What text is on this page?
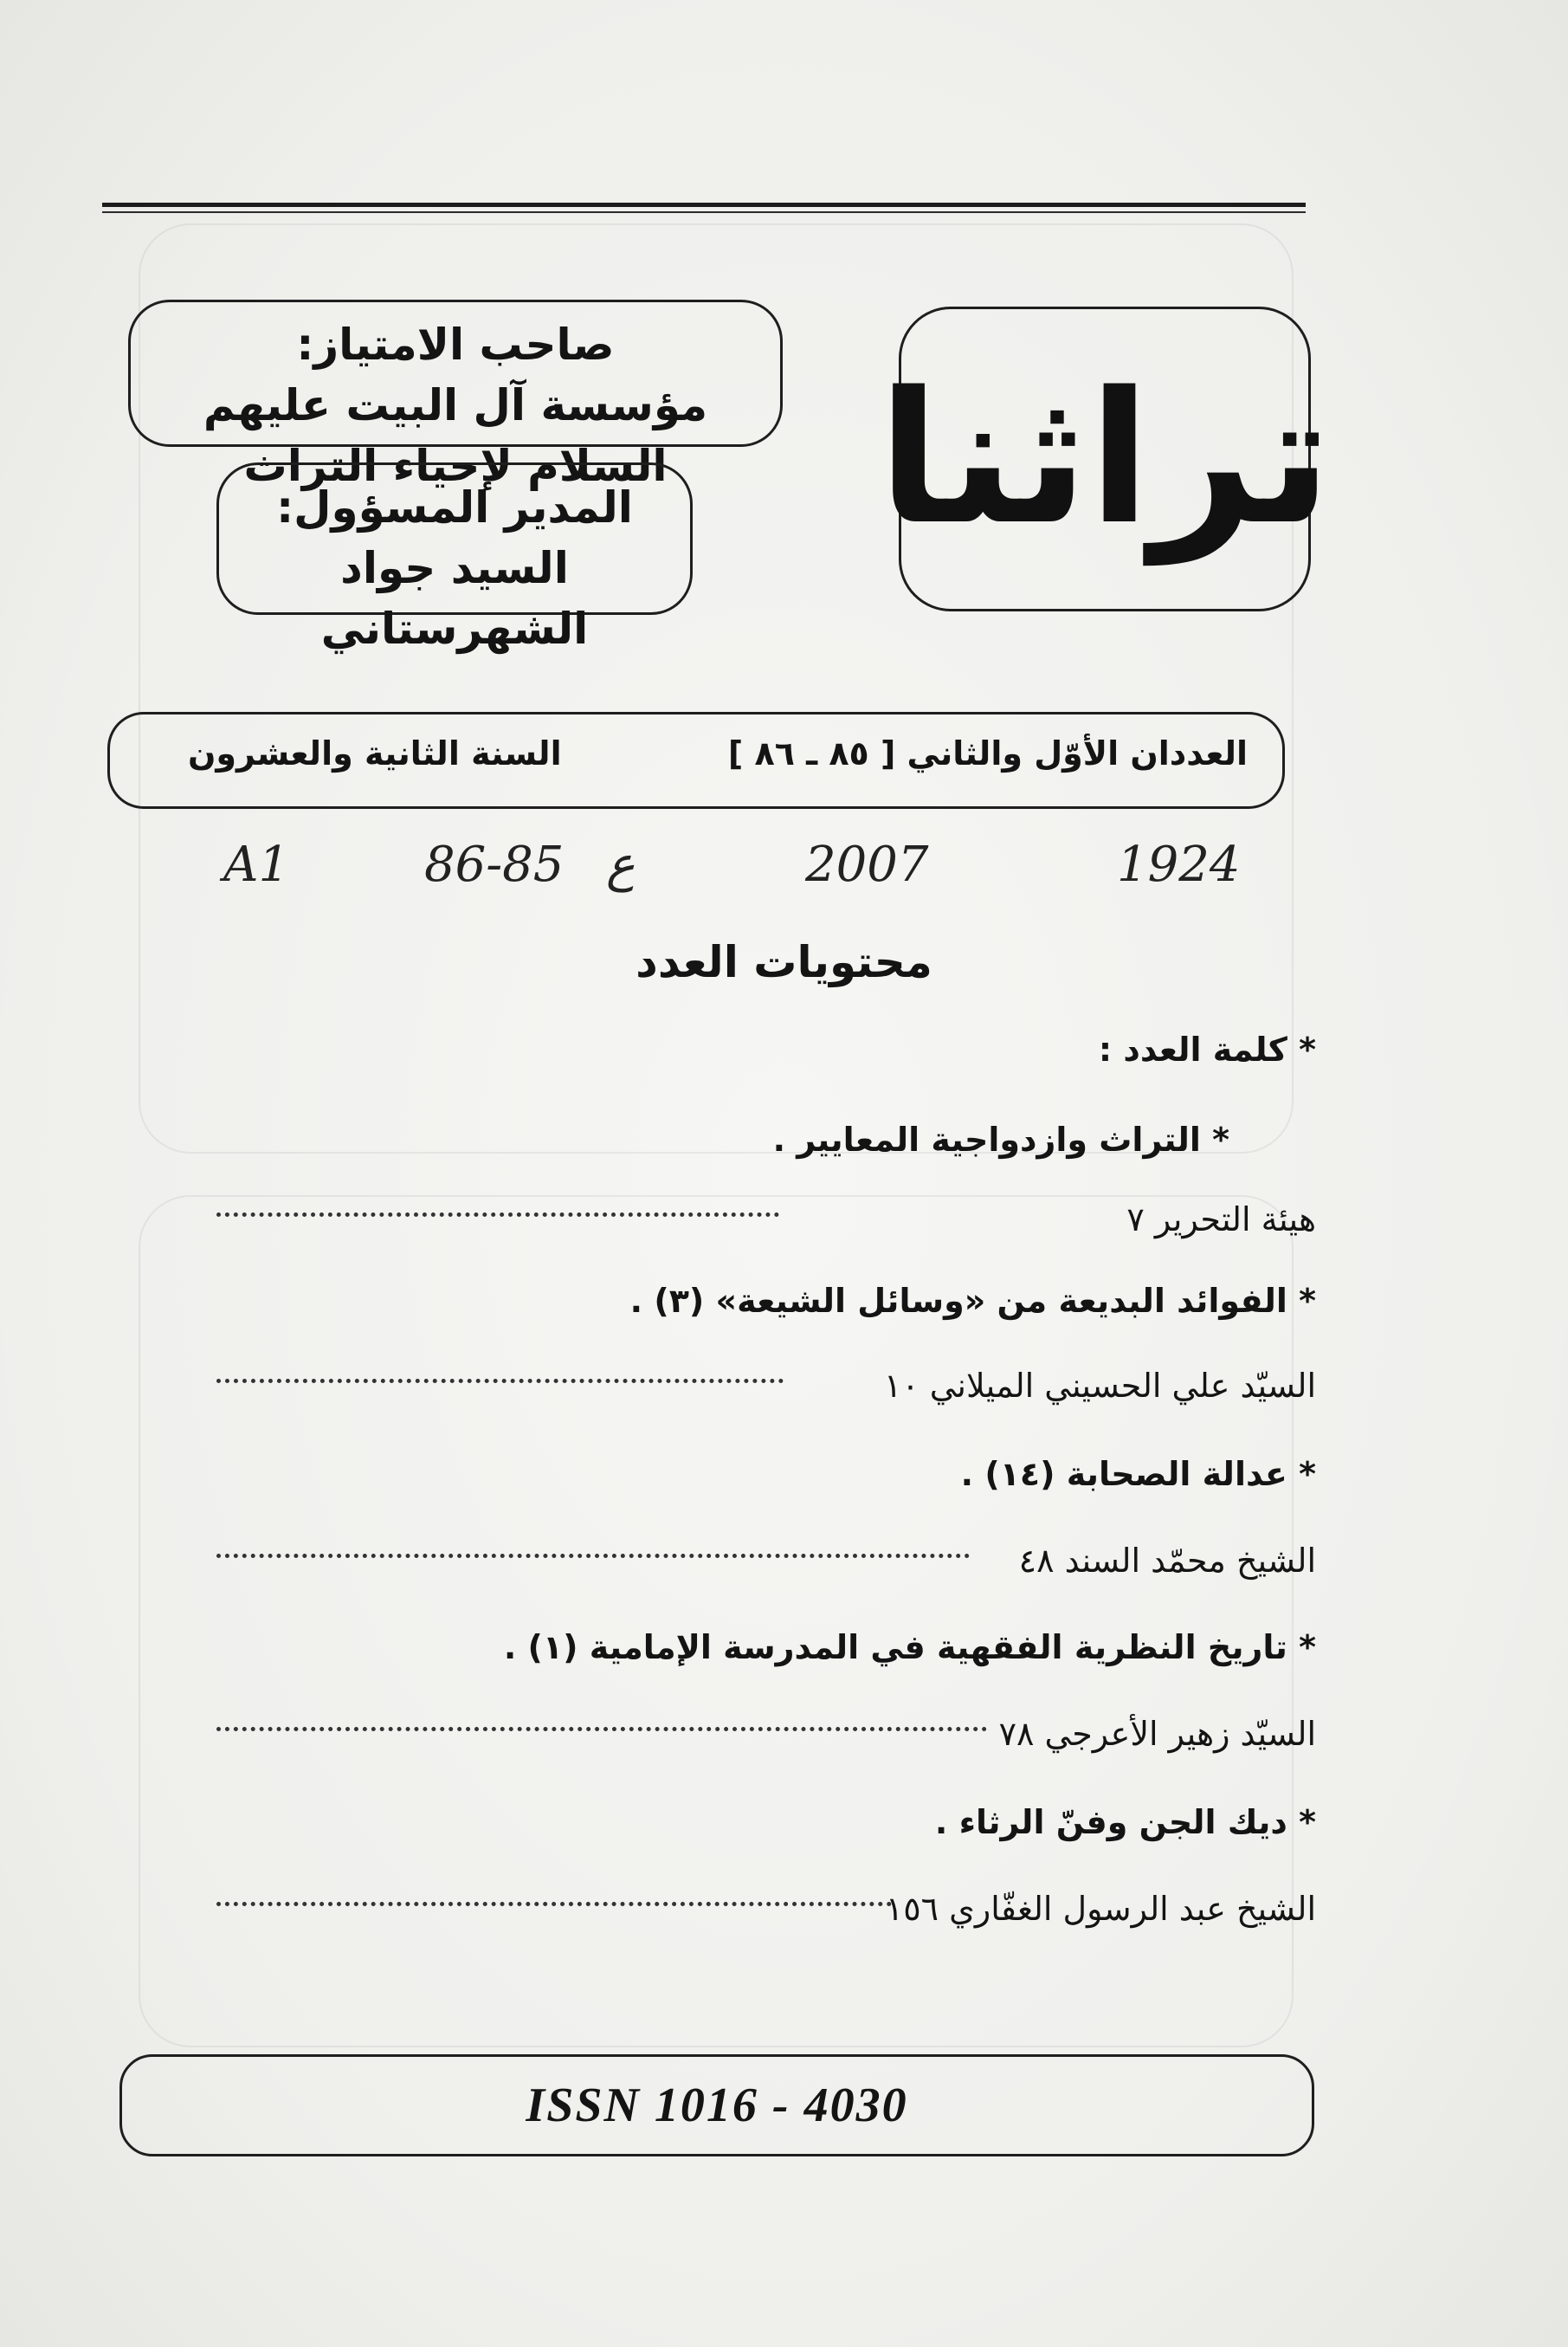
تراثنا
صاحب الامتياز:
مؤسسة آل البيت عليهم السلام لإحياء التراث
المدير المسؤول:
السيد جواد الشهرستاني
العددان الأوّل والثاني [ ٨٥ ـ ٨٦ ]
السنة الثانية والعشرون
1924
2007
ع
86-85
A1
محتويات العدد
* كلمة العدد :
* التراث وازدواجية المعايير .
هيئة التحرير ٧
* الفوائد البديعة من «وسائل الشيعة» (٣) .
السيّد علي الحسيني الميلاني ١٠
* عدالة الصحابة (١٤) .
الشيخ محمّد السند ٤٨
* تاريخ النظرية الفقهية في المدرسة الإمامية (١) .
السيّد زهير الأعرجي ٧٨
* ديك الجن وفنّ الرثاء .
الشيخ عبد الرسول الغفّاري ١٥٦
ISSN 1016 - 4030
